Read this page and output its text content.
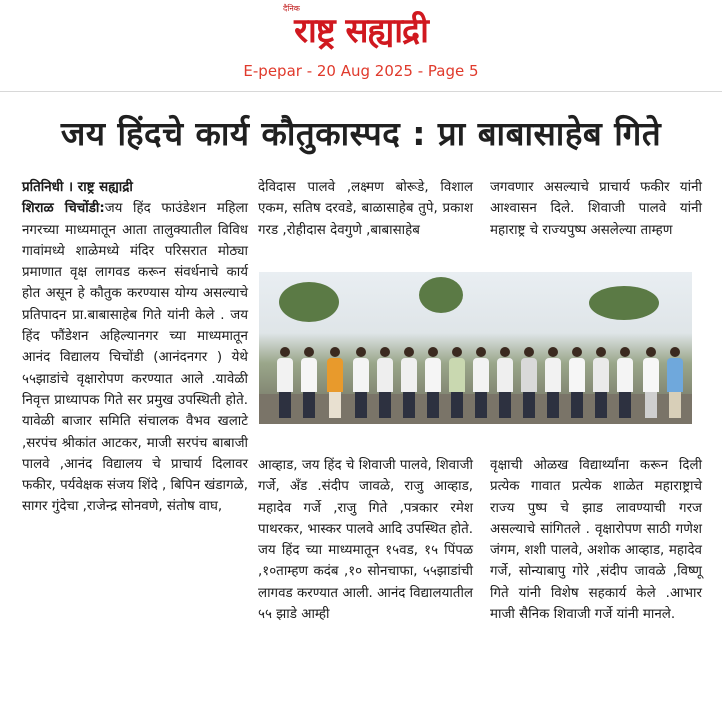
दैनिक
राष्ट्र सह्याद्री
E-pepar - 20 Aug 2025 - Page 5
जय हिंदचे कार्य कौतुकास्पद : प्रा बाबासाहेब गिते
प्रतिनिधी । राष्ट्र सह्याद्री
शिराळ चिचोंडी:जय हिंद फाउंडेशन महिला नगरच्या माध्यमातून आता तालुक्यातील विविध गावांमध्ये शाळेमध्ये मंदिर परिसरात मोठ्या प्रमाणात वृक्ष लागवड करून संवर्धनाचे कार्य होत असून हे कौतुक करण्यास योग्य असल्याचे प्रतिपादन प्रा.बाबासाहेब गिते यांनी केले . जय हिंद फौंडेशन अहिल्यानगर च्या माध्यमातून आनंद विद्यालय चिचोंडी (आनंदनगर ) येथे ५५झाडांचे वृक्षारोपण करण्यात आले .यावेळी निवृत्त प्राध्यापक गिते सर प्रमुख उपस्थिती होते. यावेळी बाजार समिति संचालक वैभव खलाटे ,सरपंच श्रीकांत आटकर, माजी सरपंच बाबाजी पालवे ,आनंद विद्यालय चे प्राचार्य दिलावर फकीर, पर्यवेक्षक संजय शिंदे , बिपिन खंडागळे, सागर गुंदेचा ,राजेन्द्र सोनवणे, संतोष वाघ,
देविदास पालवे ,लक्ष्मण बोरूडे, विशाल एकम, सतिष दरवडे, बाळासाहेब तुपे, प्रकाश गरड ,रोहीदास देवगुणे ,बाबासाहेब
जगवणार असल्याचे प्राचार्य फकीर यांनी आश्वासन दिले. शिवाजी पालवे यांनी महाराष्ट्र चे राज्यपुष्प असलेल्या ताम्हण
आव्हाड, जय हिंद चे शिवाजी पालवे, शिवाजी गर्जे, अँड .संदीप जावळे, राजु आव्हाड, महादेव गर्जे ,राजु गिते ,पत्रकार रमेश पाथरकर, भास्कर पालवे आदि उपस्थित होते. जय हिंद च्या माध्यमातून १५वड, १५ पिंपळ ,१०ताम्हण कदंब ,१० सोनचाफा, ५५झाडांची लागवड करण्यात आली. आनंद विद्यालयातील ५५ झाडे आम्ही
वृक्षाची ओळख विद्यार्थ्यांना करून दिली प्रत्येक गावात प्रत्येक शाळेत महाराष्ट्राचे राज्य पुष्प चे झाड लावण्याची गरज असल्याचे सांगितले . वृक्षारोपण साठी गणेश जंगम, शशी पालवे, अशोक आव्हाड, महादेव गर्जे, सोन्याबापु गोरे ,संदीप जावळे ,विष्णू गिते यांनी विशेष सहकार्य केले .आभार माजी सैनिक शिवाजी गर्जे यांनी मानले.
